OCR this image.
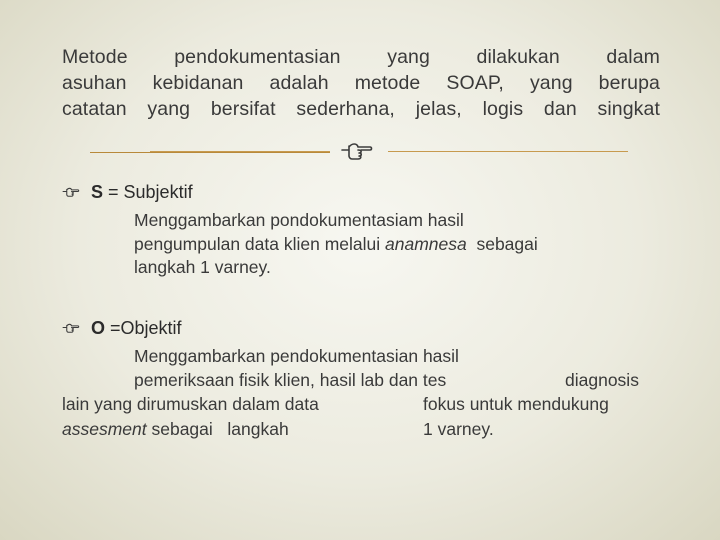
Metode pendokumentasian yang dilakukan dalam
asuhan kebidanan adalah metode SOAP, yang berupa
catatan yang bersifat sederhana, jelas, logis dan singkat
S = Subjektif
Menggambarkan pondokumentasiam hasil
pengumpulan data klien melalui anamnesa  sebagai
langkah 1 varney.
O =Objektif
Menggambarkan pendokumentasian hasil
pemeriksaan fisik klien, hasil lab dan tes	diagnosis
lain yang dirumuskan dalam data	fokus untuk mendukung
assesment sebagai   langkah	1 varney.
